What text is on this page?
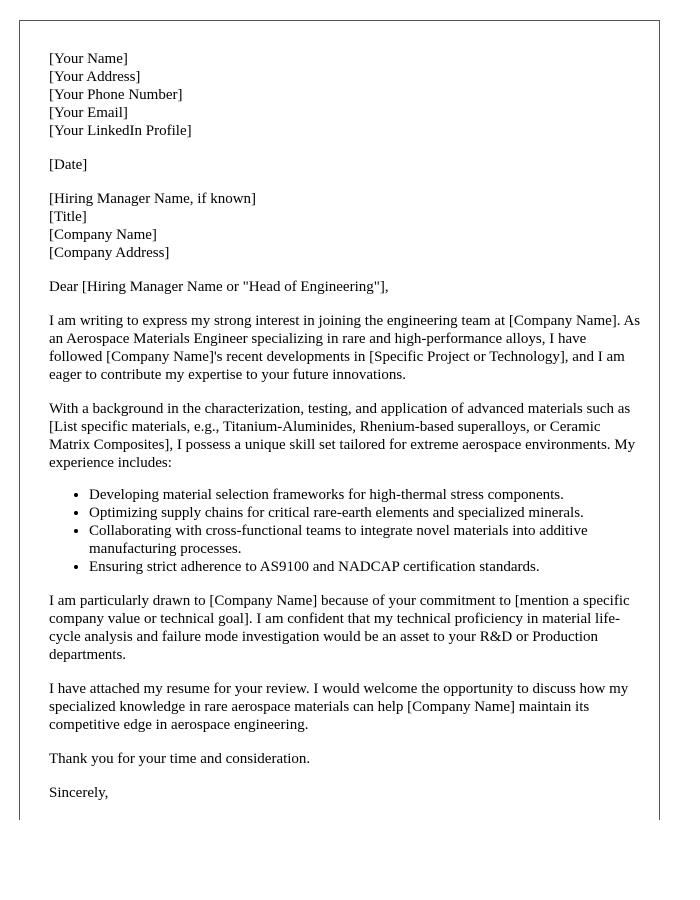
[Your Name]
[Your Address]
[Your Phone Number]
[Your Email]
[Your LinkedIn Profile]
[Date]
[Hiring Manager Name, if known]
[Title]
[Company Name]
[Company Address]

Dear [Hiring Manager Name or "Head of Engineering"],

I am writing to express my strong interest in joining the engineering team at [Company Name]. As an Aerospace Materials Engineer specializing in rare and high-performance alloys, I have followed [Company Name]'s recent developments in [Specific Project or Technology], and I am eager to contribute my expertise to your future innovations.

With a background in the characterization, testing, and application of advanced materials such as [List specific materials, e.g., Titanium-Aluminides, Rhenium-based superalloys, or Ceramic Matrix Composites], I possess a unique skill set tailored for extreme aerospace environments. My experience includes:

• Developing material selection frameworks for high-thermal stress components.
• Optimizing supply chains for critical rare-earth elements and specialized minerals.
• Collaborating with cross-functional teams to integrate novel materials into additive manufacturing processes.
• Ensuring strict adherence to AS9100 and NADCAP certification standards.

I am particularly drawn to [Company Name] because of your commitment to [mention a specific company value or technical goal]. I am confident that my technical proficiency in material life-cycle analysis and failure mode investigation would be an asset to your R&D or Production departments.

I have attached my resume for your review. I would welcome the opportunity to discuss how my specialized knowledge in rare aerospace materials can help [Company Name] maintain its competitive edge in aerospace engineering.

Thank you for your time and consideration.

Sincerely,
